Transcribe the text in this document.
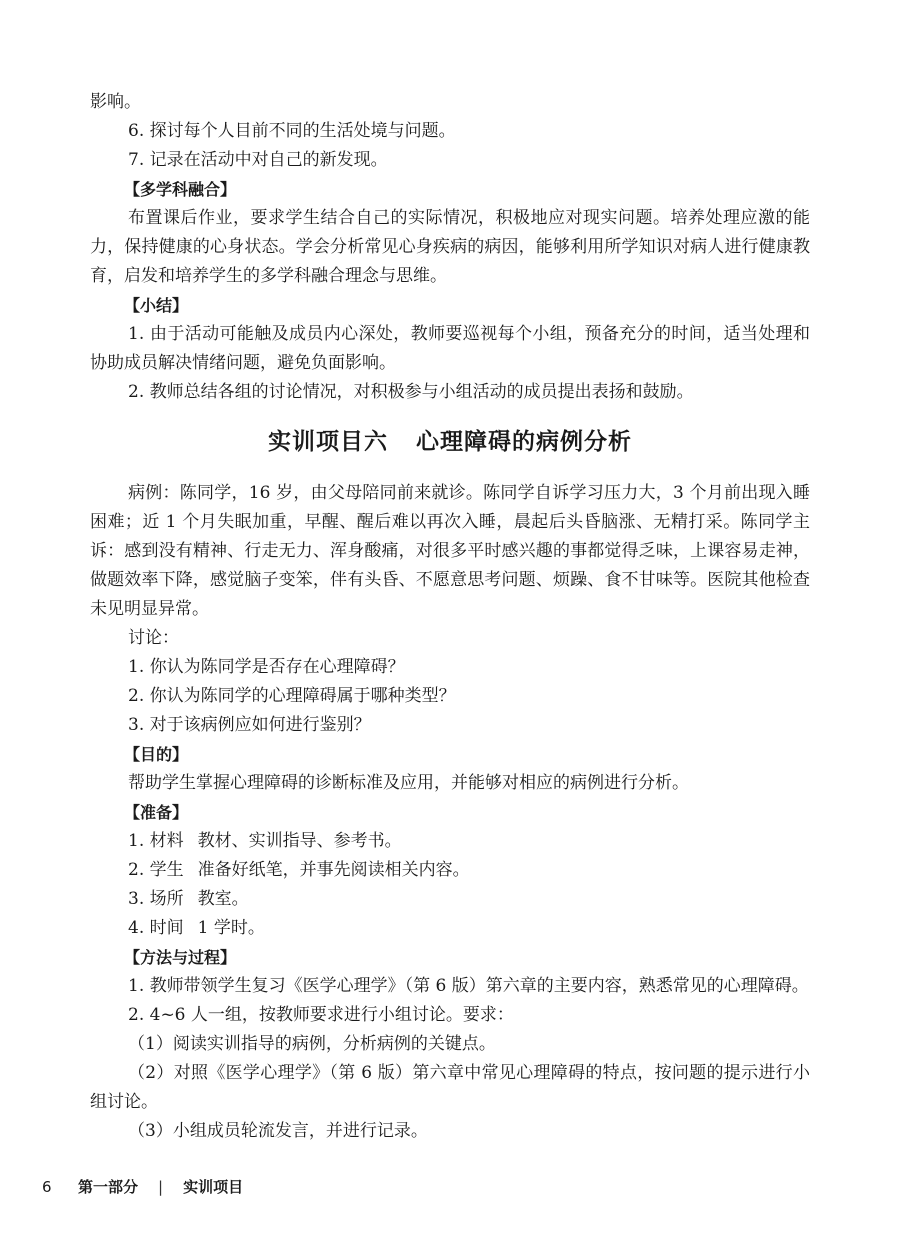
影响。

6. 探讨每个人目前不同的生活处境与问题。

7. 记录在活动中对自己的新发现。

【多学科融合】

布置课后作业，要求学生结合自己的实际情况，积极地应对现实问题。培养处理应激的能力，保持健康的心身状态。学会分析常见心身疾病的病因，能够利用所学知识对病人进行健康教育，启发和培养学生的多学科融合理念与思维。

【小结】

1. 由于活动可能触及成员内心深处，教师要巡视每个小组，预备充分的时间，适当处理和协助成员解决情绪问题，避免负面影响。

2. 教师总结各组的讨论情况，对积极参与小组活动的成员提出表扬和鼓励。

实训项目六 心理障碍的病例分析

病例：陈同学，16 岁，由父母陪同前来就诊。陈同学自诉学习压力大，3 个月前出现入睡困难；近 1 个月失眠加重，早醒、醒后难以再次入睡，晨起后头昏脑涨、无精打采。陈同学主诉：感到没有精神、行走无力、浑身酸痛，对很多平时感兴趣的事都觉得乏味，上课容易走神，做题效率下降，感觉脑子变笨，伴有头昏、不愿意思考问题、烦躁、食不甘味等。医院其他检查未见明显异常。

讨论：

1. 你认为陈同学是否存在心理障碍？

2. 你认为陈同学的心理障碍属于哪种类型？

3. 对于该病例应如何进行鉴别？

【目的】

帮助学生掌握心理障碍的诊断标准及应用，并能够对相应的病例进行分析。

【准备】

1. 材料 教材、实训指导、参考书。

2. 学生 准备好纸笔，并事先阅读相关内容。

3. 场所 教室。

4. 时间 1 学时。

【方法与过程】

1. 教师带领学生复习《医学心理学》（第 6 版）第六章的主要内容，熟悉常见的心理障碍。

2. 4~6 人一组，按教师要求进行小组讨论。要求：

（1）阅读实训指导的病例，分析病例的关键点。

（2）对照《医学心理学》（第 6 版）第六章中常见心理障碍的特点，按问题的提示进行小组讨论。

（3）小组成员轮流发言，并进行记录。

6	第一部分 | 实训项目
